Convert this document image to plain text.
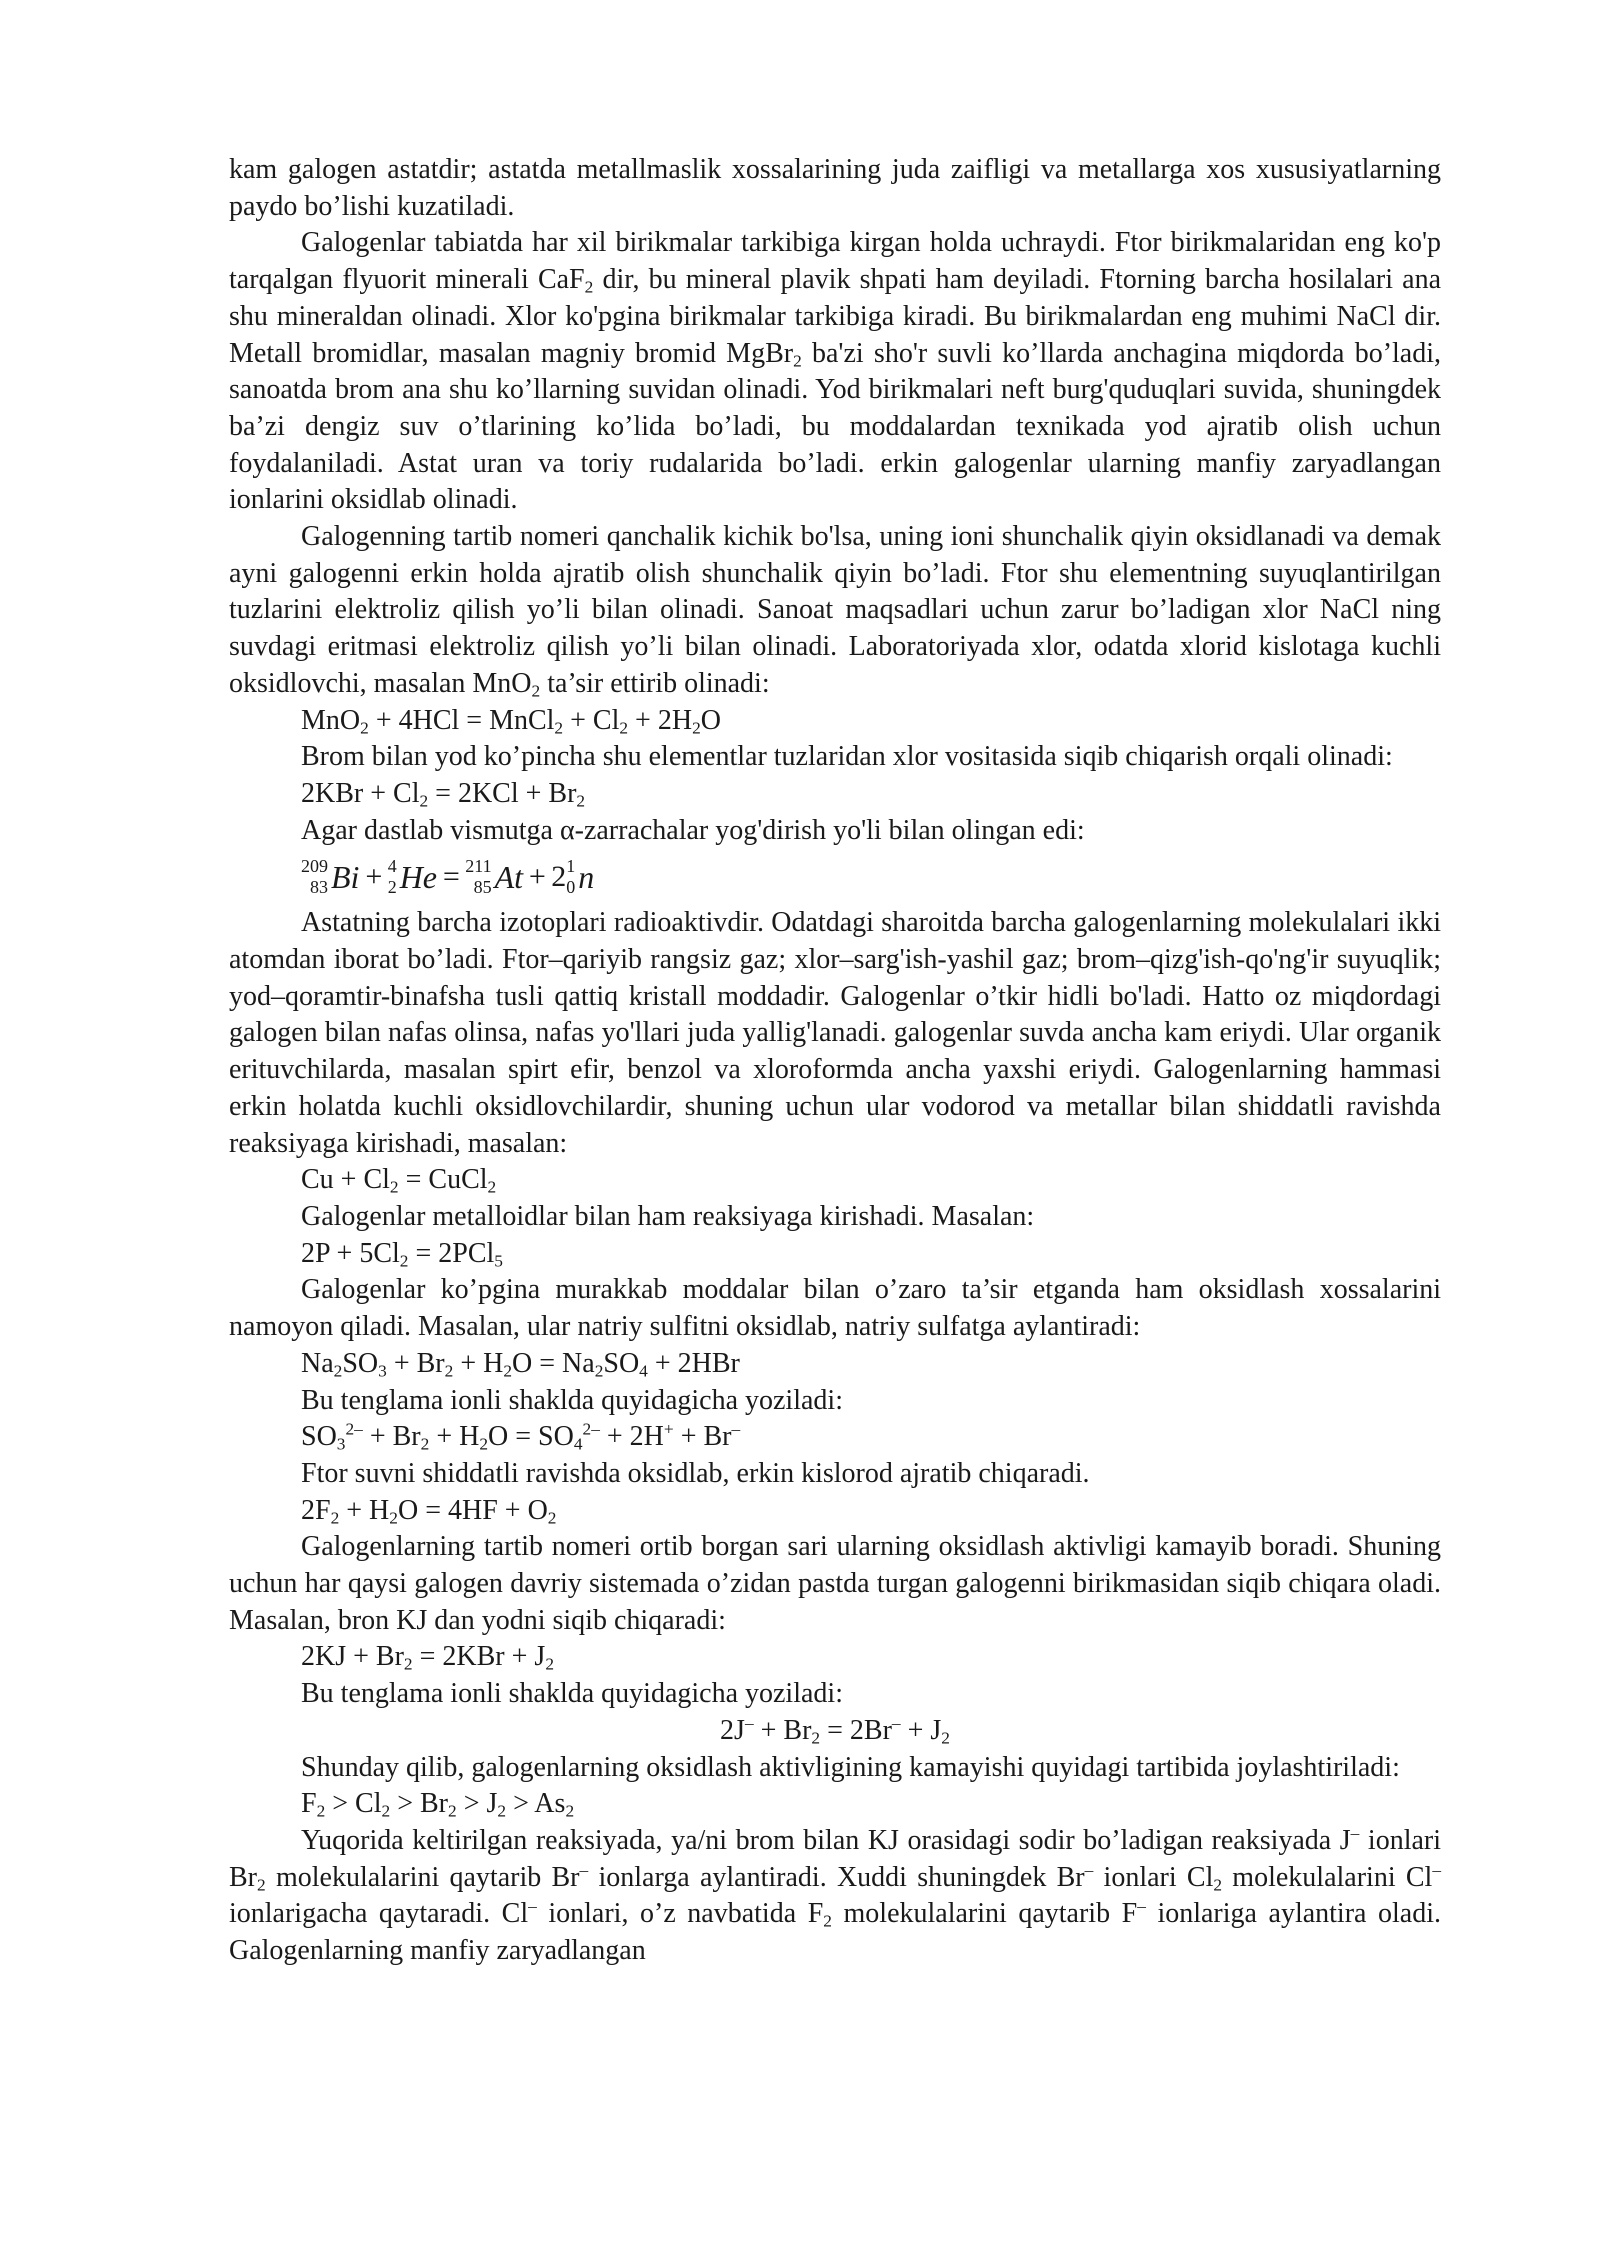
kam galogen astatdir; astatda metallmaslik xossalarining juda zaifligi va metallarga xos xususiyatlarning paydo bo’lishi kuzatiladi.

Galogenlar tabiatda har xil birikmalar tarkibiga kirgan holda uchraydi. Ftor birikmalaridan eng ko'p tarqalgan flyuorit minerali CaF$_2$ dir, bu mineral plavik shpati ham deyiladi. Ftorning barcha hosilalari ana shu mineraldan olinadi. Xlor ko'pgina birikmalar tarkibiga kiradi. Bu birikmalardan eng muhimi NaCl dir. Metall bromidlar, masalan magniy bromid MgBr$_2$ ba'zi sho'r suvli ko’llarda anchagina miqdorda bo’ladi, sanoatda brom ana shu ko’llarning suvidan olinadi. Yod birikmalari neft burg'quduqlari suvida, shuningdek ba’zi dengiz suv o’tlarining ko’lida bo’ladi, bu moddalardan texnikada yod ajratib olish uchun foydalaniladi. Astat uran va toriy rudalarida bo’ladi. erkin galogenlar ularning manfiy zaryadlangan ionlarini oksidlab olinadi.

Galogenning tartib nomeri qanchalik kichik bo'lsa, uning ioni shunchalik qiyin oksidlanadi va demak ayni galogenni erkin holda ajratib olish shunchalik qiyin bo’ladi. Ftor shu elementning suyuqlantirilgan tuzlarini elektroliz qilish yo’li bilan olinadi. Sanoat maqsadlari uchun zarur bo’ladigan xlor NaCl ning suvdagi eritmasi elektroliz qilish yo’li bilan olinadi. Laboratoriyada xlor, odatda xlorid kislotaga kuchli oksidlovchi, masalan MnO$_2$ ta’sir ettirib olinadi:

MnO$_2$ + 4HCl = MnCl$_2$ + $Cl_2 + 2H_2O$

Brom bilan yod ko’pincha shu elementlar tuzlaridan xlor vositasida siqib chiqarish orqali olinadi:

$2KBr + Cl_2 = 2KCl + Br_2$

Agar dastlab vismutga α-zarrachalar yog'dirish yo'li bilan olingan edi:

209
83 Bi + 4
2 He = 211
85 At + 2 1
0 n

Astatning barcha izotoplari radioaktivdir. Odatdagi sharoitda barcha galogenlarning molekulalari ikki atomdan iborat bo’ladi. Ftor–qariyib rangsiz gaz; xlor–sarg'ish-yashil gaz; brom–qizg'ish-qo'ng'ir suyuqlik; yod–qoramtir-binafsha tusli qattiq kristall moddadir. Galogenlar o’tkir hidli bo'ladi. Hatto oz miqdordagi galogen bilan nafas olinsa, nafas yo'llari juda yallig'lanadi. galogenlar suvda ancha kam eriydi. Ular organik erituvchilarda, masalan spirt efir, benzol va xloroformda ancha yaxshi eriydi. Galogenlarning hammasi erkin holatda kuchli oksidlovchilardir, shuning uchun ular vodorod va metallar bilan shiddatli ravishda reaksiyaga kirishadi, masalan:

$Cu + Cl_2$ = CuCl$_2$

Galogenlar metalloidlar bilan ham reaksiyaga kirishadi. Masalan:

$2P + 5Cl_2 = 2PCl_5$

Galogenlar ko’pgina murakkab moddalar bilan o’zaro ta’sir etganda ham oksidlash xossalarini namoyon qiladi. Masalan, ular natriy sulfitni oksidlab, natriy sulfatga aylantiradi:

$Na_2SO_3 + Br_2 + H_2O = Na_2SO_4 + 2HBr$

Bu tenglama ionli shaklda quyidagicha yoziladi:

$SO_3^{2-} + Br_2 + H_2O = SO_4^{2-} + 2H^+ + Br^-$

Ftor suvni shiddatli ravishda oksidlab, erkin kislorod ajratib chiqaradi.

$2F_2 + H_2O = 4HF + O_2$

Galogenlarning tartib nomeri ortib borgan sari ularning oksidlash aktivligi kamayib boradi. Shuning uchun har qaysi galogen davriy sistemada o’zidan pastda turgan galogenni birikmasidan siqib chiqara oladi. Masalan, bron KJ dan yodni siqib chiqaradi:

$2KJ + Br_2 = 2KBr + J_2$

Bu tenglama ionli shaklda quyidagicha yoziladi:

$2J^- + Br_2 = 2Br^- + J_2$

Shunday qilib, galogenlarning oksidlash aktivligining kamayishi quyidagi tartibida joylashtiriladi:

$F_2 > Cl_2 > Br_2 > J_2 > As_2$

Yuqorida keltirilgan reaksiyada, ya/ni brom bilan KJ orasidagi sodir bo’ladigan reaksiyada J– ionlari $Br_2$ molekulalarini qaytarib Br– ionlarga aylantiradi. Xuddi shuningdek Br– ionlari $Cl_2$ molekulalarini Cl– ionlarigacha qaytaradi. Cl– ionlari, o’z navbatida $F_2$ molekulalarini qaytarib F– ionlariga aylantira oladi. Galogenlarning manfiy zaryadlangan
